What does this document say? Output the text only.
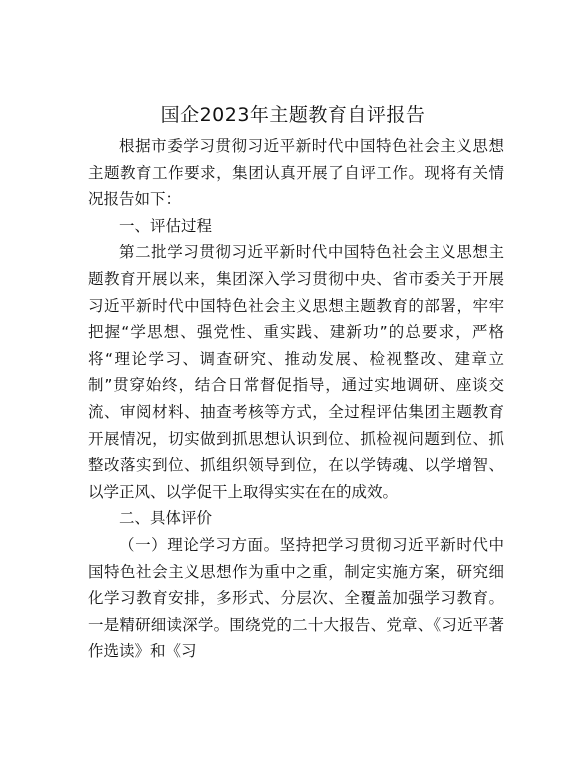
国企2023年主题教育自评报告

根据市委学习贯彻习近平新时代中国特色社会主义思想主题教育工作要求，集团认真开展了自评工作。现将有关情况报告如下：

一、评估过程

第二批学习贯彻习近平新时代中国特色社会主义思想主题教育开展以来，集团深入学习贯彻中央、省市委关于开展习近平新时代中国特色社会主义思想主题教育的部署，牢牢把握“学思想、强党性、重实践、建新功”的总要求，严格将“理论学习、调查研究、推动发展、检视整改、建章立制”贯穿始终，结合日常督促指导，通过实地调研、座谈交流、审阅材料、抽查考核等方式，全过程评估集团主题教育开展情况，切实做到抓思想认识到位、抓检视问题到位、抓整改落实到位、抓组织领导到位，在以学铸魂、以学增智、以学正风、以学促干上取得实实在在的成效。

二、具体评价

（一）理论学习方面。坚持把学习贯彻习近平新时代中国特色社会主义思想作为重中之重，制定实施方案，研究细化学习教育安排，多形式、分层次、全覆盖加强学习教育。一是精研细读深学。围绕党的二十大报告、党章、《习近平著作选读》和《习
